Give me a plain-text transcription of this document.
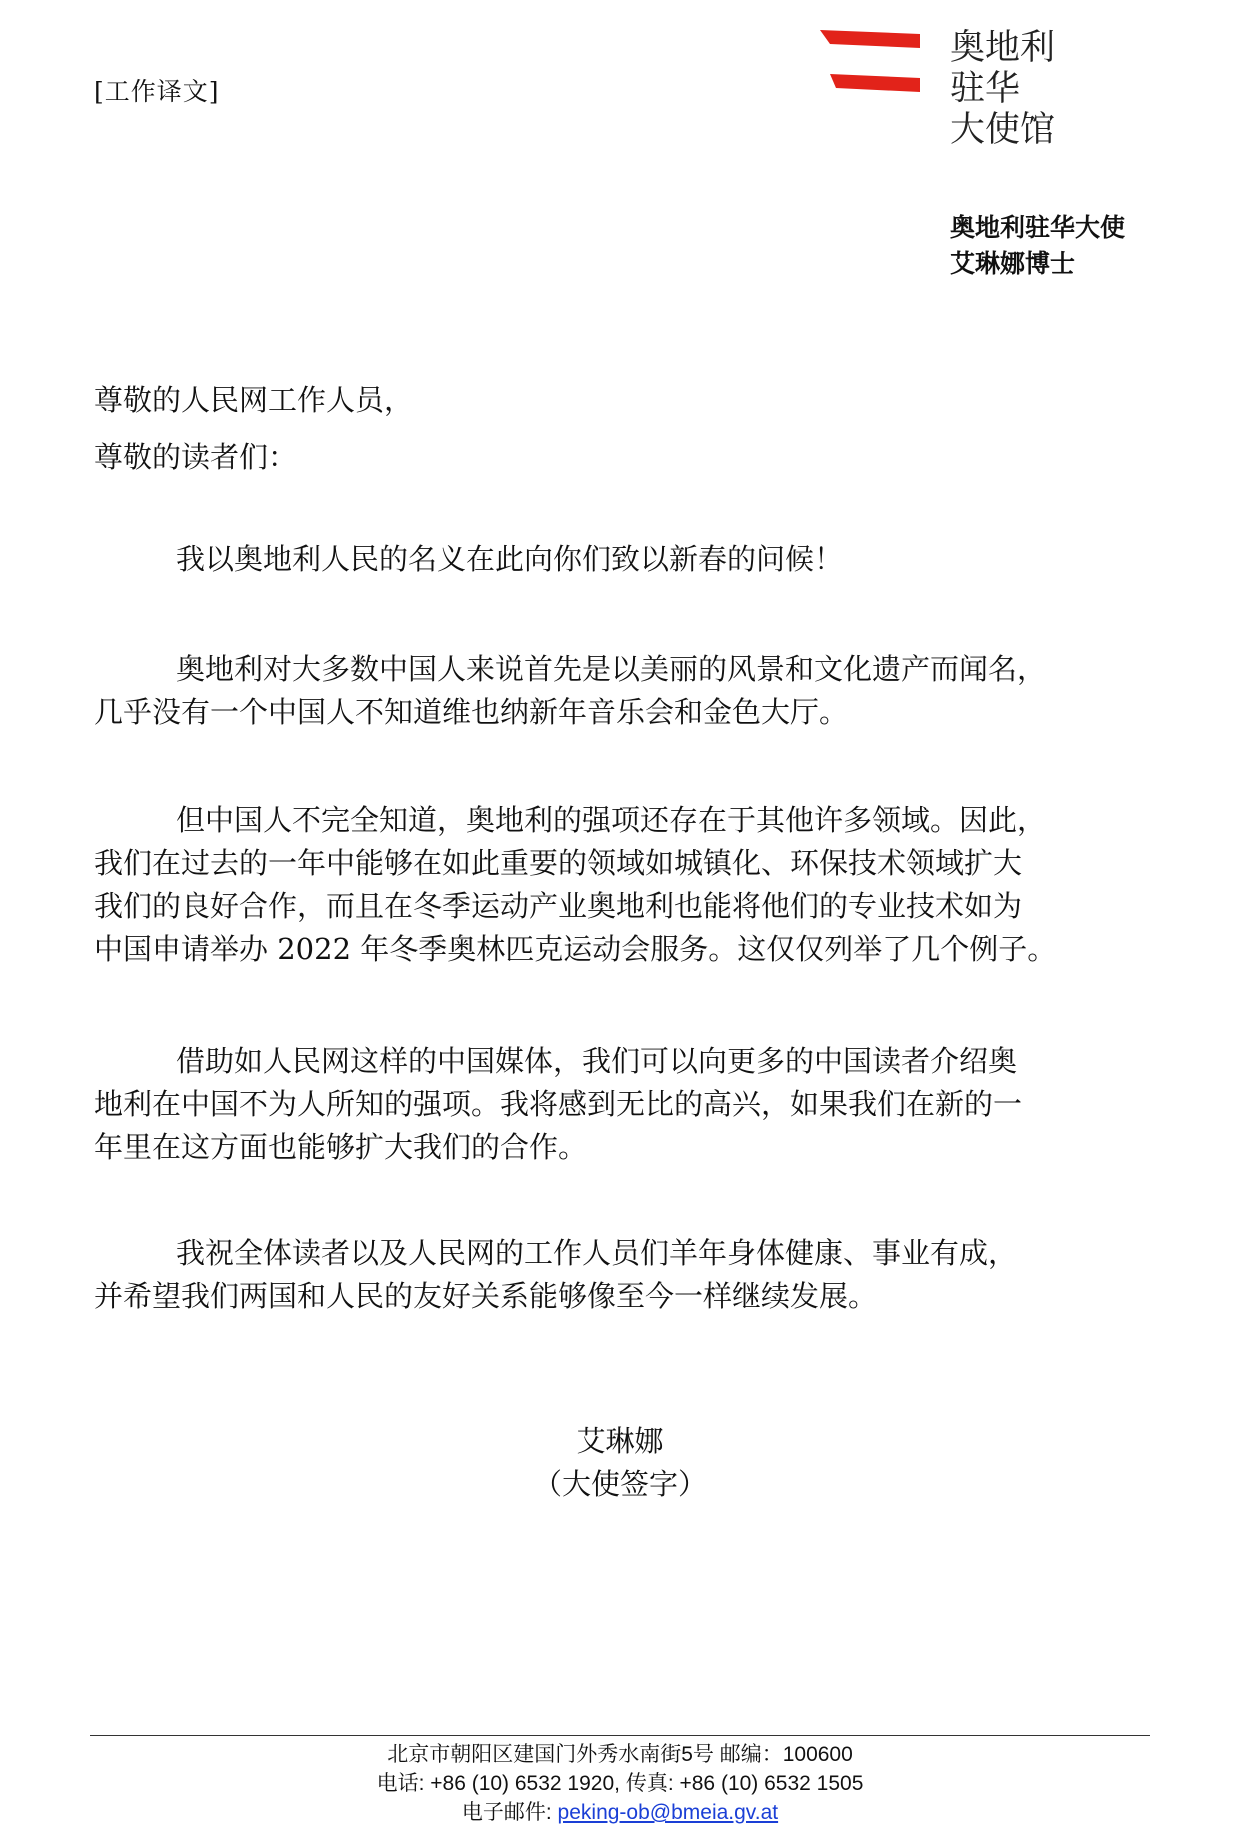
[工作译文]
奥地利
驻华
大使馆
奥地利驻华大使
艾琳娜博士
尊敬的人民网工作人员，
尊敬的读者们：
我以奥地利人民的名义在此向你们致以新春的问候！
奥地利对大多数中国人来说首先是以美丽的风景和文化遗产而闻名，
几乎没有一个中国人不知道维也纳新年音乐会和金色大厅。
但中国人不完全知道，奥地利的强项还存在于其他许多领域。因此，
我们在过去的一年中能够在如此重要的领域如城镇化、环保技术领域扩大
我们的良好合作，而且在冬季运动产业奥地利也能将他们的专业技术如为
中国申请举办 2022 年冬季奥林匹克运动会服务。这仅仅列举了几个例子。
借助如人民网这样的中国媒体，我们可以向更多的中国读者介绍奥
地利在中国不为人所知的强项。我将感到无比的高兴，如果我们在新的一
年里在这方面也能够扩大我们的合作。
我祝全体读者以及人民网的工作人员们羊年身体健康、事业有成，
并希望我们两国和人民的友好关系能够像至今一样继续发展。
艾琳娜
（大使签字）
北京市朝阳区建国门外秀水南街5号 邮编：100600
电话: +86 (10) 6532 1920, 传真: +86 (10) 6532 1505
电子邮件: peking-ob@bmeia.gv.at
